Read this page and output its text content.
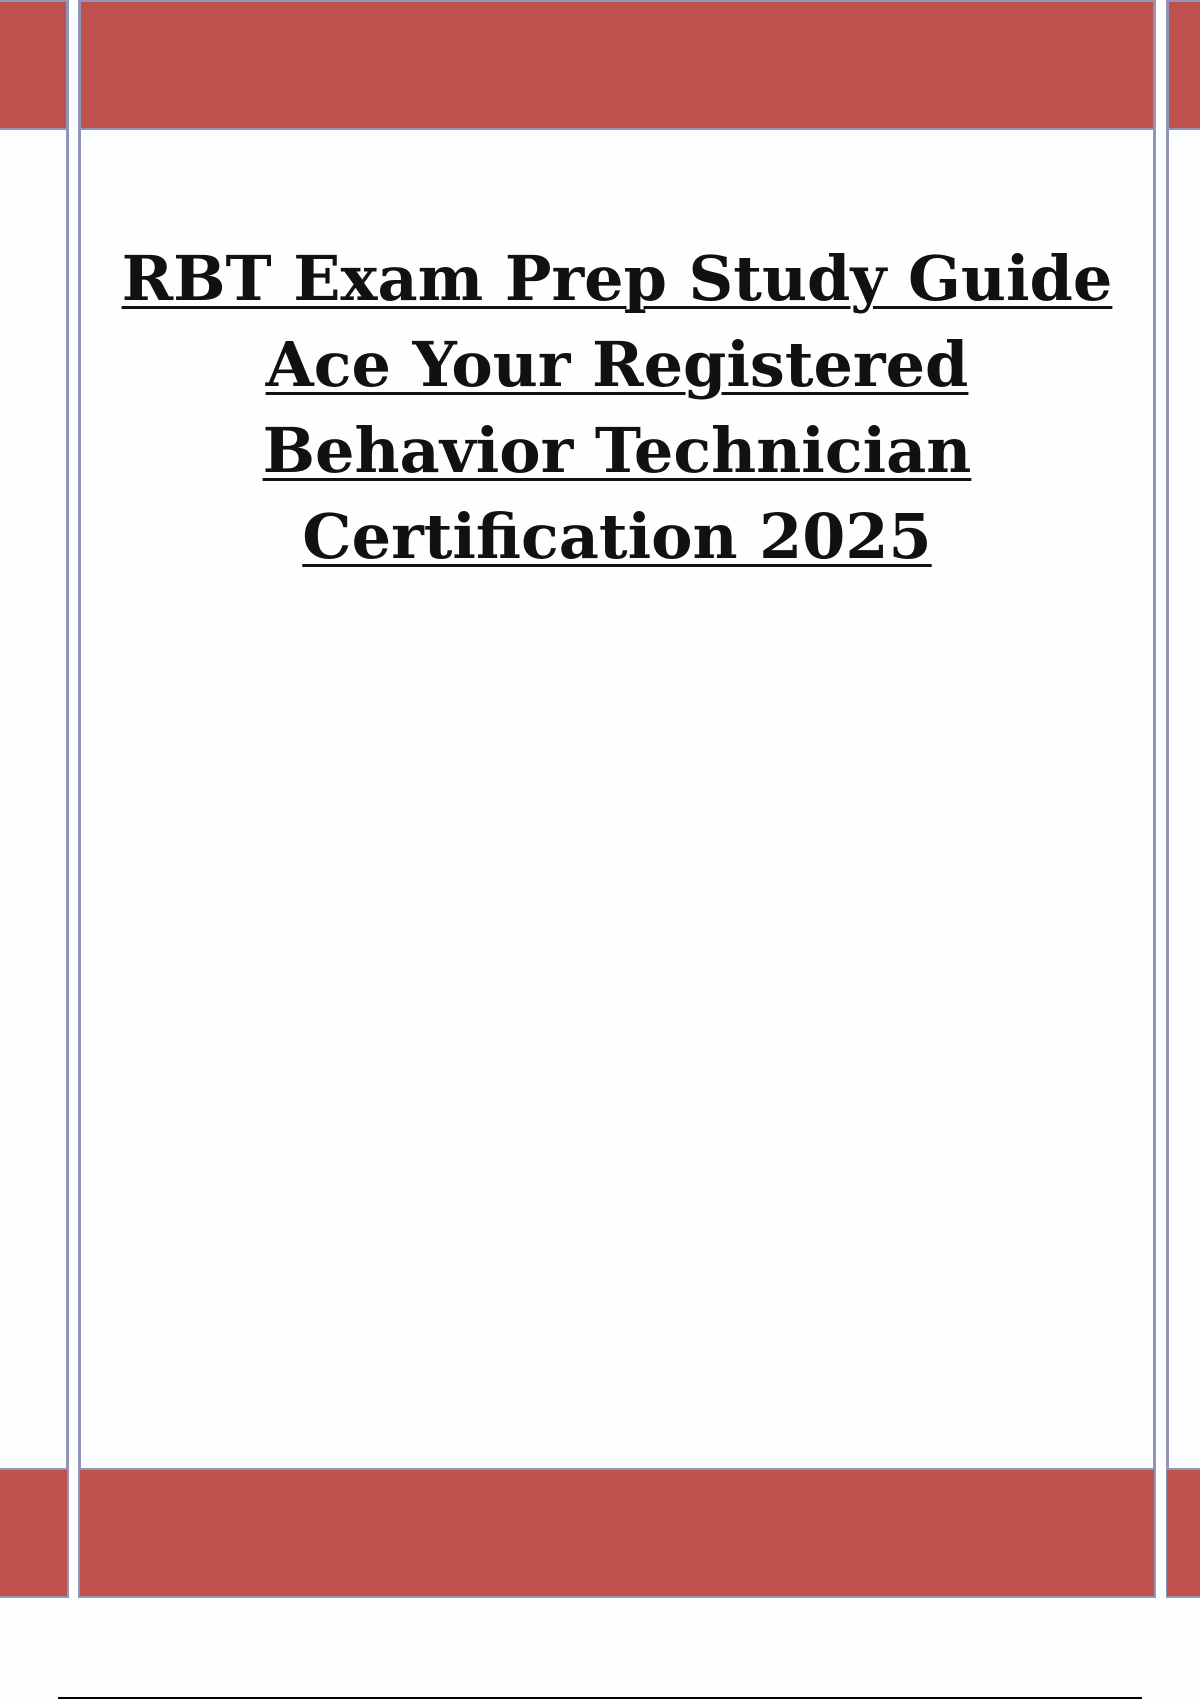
RBT Exam Prep Study Guide
Ace Your Registered
Behavior Technician
Certification 2025
